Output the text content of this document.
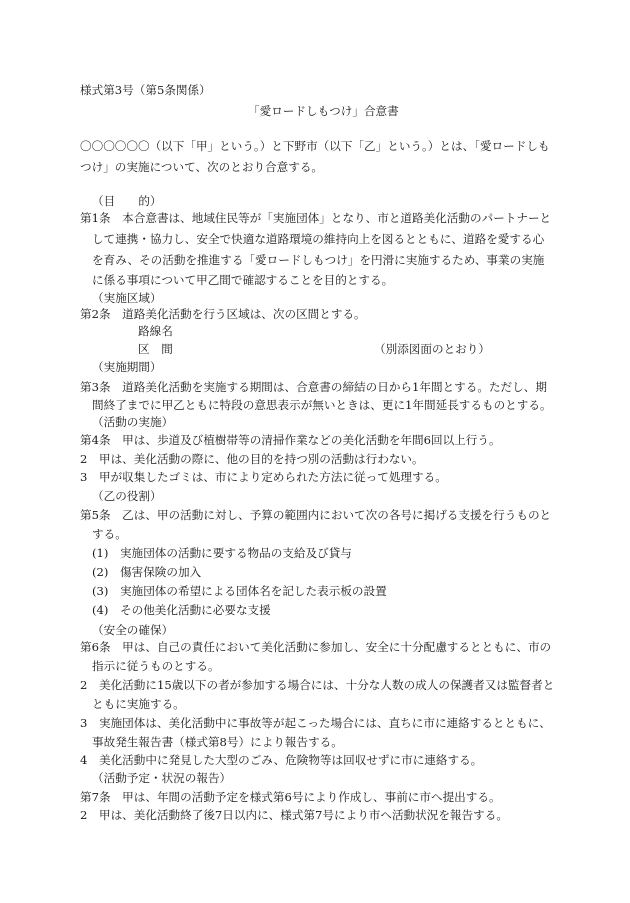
様式第3号（第5条関係）
「愛ロードしもつけ」合意書
〇〇〇〇〇〇（以下「甲」という。）と下野市（以下「乙」という。）とは、「愛ロードしも
つけ」の実施について、次のとおり合意する。
（目　　的）
第1条　本合意書は、地域住民等が「実施団体」となり、市と道路美化活動のパートナーと
して連携・協力し、安全で快適な道路環境の維持向上を図るとともに、道路を愛する心
を育み、その活動を推進する「愛ロードしもつけ」を円滑に実施するため、事業の実施
に係る事項について甲乙間で確認することを目的とする。
（実施区域）
第2条　道路美化活動を行う区域は、次の区間とする。
路線名
区　間	（別添図面のとおり）
（実施期間）
第3条　道路美化活動を実施する期間は、合意書の締結の日から1年間とする。ただし、期
間終了までに甲乙ともに特段の意思表示が無いときは、更に1年間延長するものとする。
（活動の実施）
第4条　甲は、歩道及び植樹帯等の清掃作業などの美化活動を年間6回以上行う。
2　甲は、美化活動の際に、他の目的を持つ別の活動は行わない。
3　甲が収集したゴミは、市により定められた方法に従って処理する。
（乙の役割）
第5条　乙は、甲の活動に対し、予算の範囲内において次の各号に掲げる支援を行うものと
する。
(1)　実施団体の活動に要する物品の支給及び貸与
(2)　傷害保険の加入
(3)　実施団体の希望による団体名を記した表示板の設置
(4)　その他美化活動に必要な支援
（安全の確保）
第6条　甲は、自己の責任において美化活動に参加し、安全に十分配慮するとともに、市の
指示に従うものとする。
2　美化活動に15歳以下の者が参加する場合には、十分な人数の成人の保護者又は監督者と
ともに実施する。
3　実施団体は、美化活動中に事故等が起こった場合には、直ちに市に連絡するとともに、
事故発生報告書（様式第8号）により報告する。
4　美化活動中に発見した大型のごみ、危険物等は回収せずに市に連絡する。
（活動予定・状況の報告）
第7条　甲は、年間の活動予定を様式第6号により作成し、事前に市へ提出する。
2　甲は、美化活動終了後7日以内に、様式第7号により市へ活動状況を報告する。
